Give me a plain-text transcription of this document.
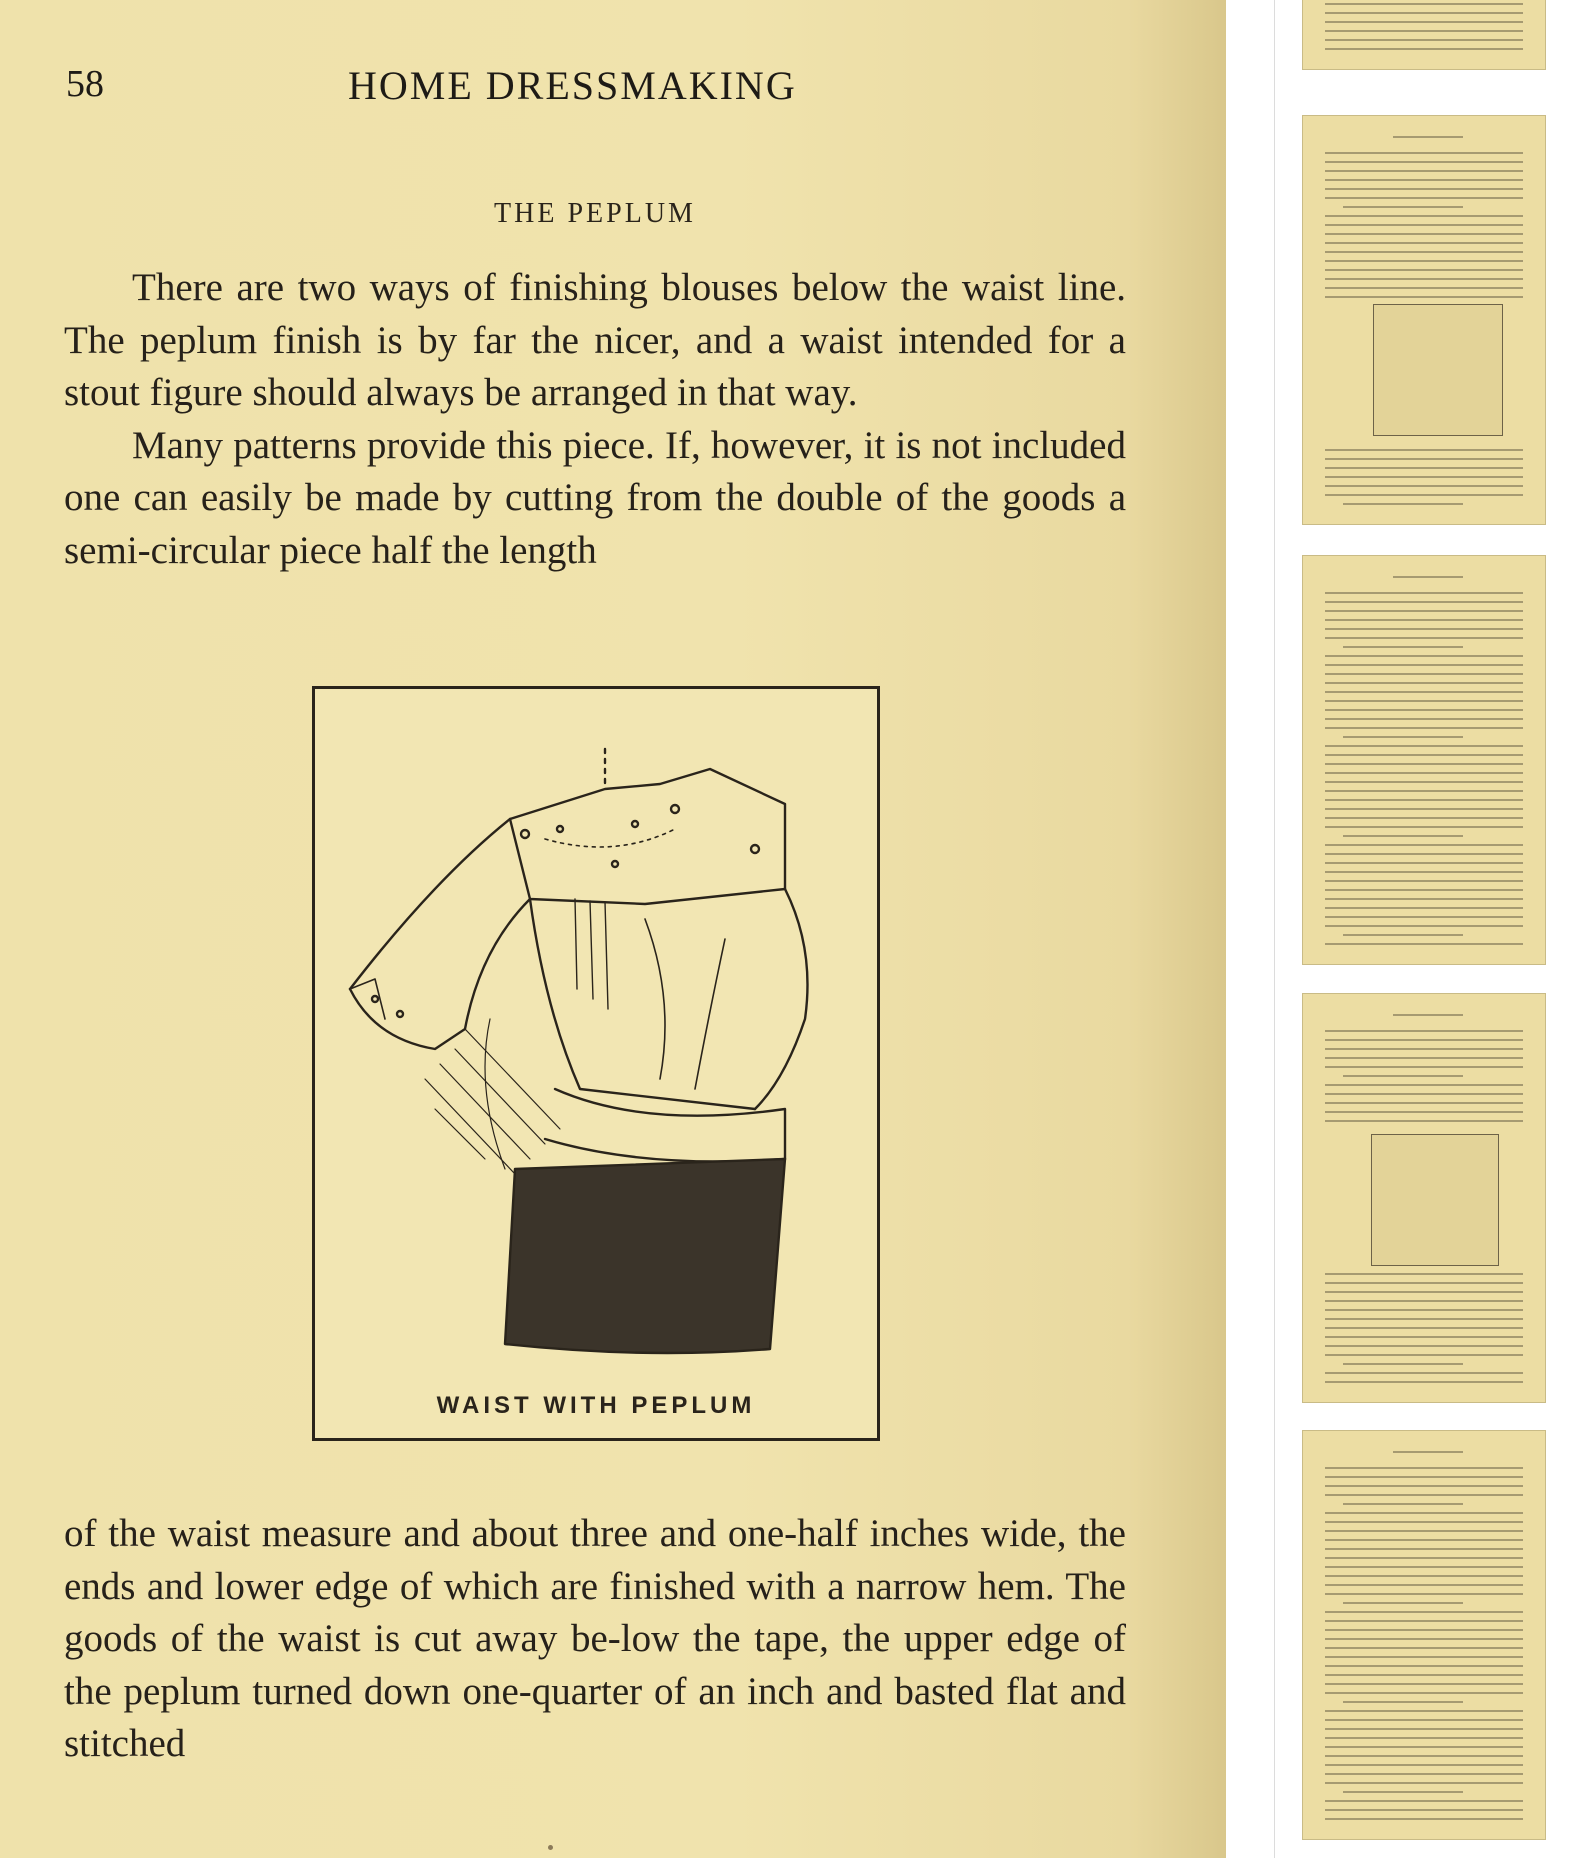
58	HOME DRESSMAKING
THE PEPLUM

There are two ways of finishing blouses below the waist line. The peplum finish is by far the nicer, and a waist intended for a stout figure should always be arranged in that way.

Many patterns provide this piece. If, however, it is not included one can easily be made by cutting from the double of the goods a semi-circular piece half the length

WAIST WITH PEPLUM

of the waist measure and about three and one-half inches wide, the ends and lower edge of which are finished with a narrow hem. The goods of the waist is cut away be-low the tape, the upper edge of the peplum turned down one-quarter of an inch and basted flat and stitched
